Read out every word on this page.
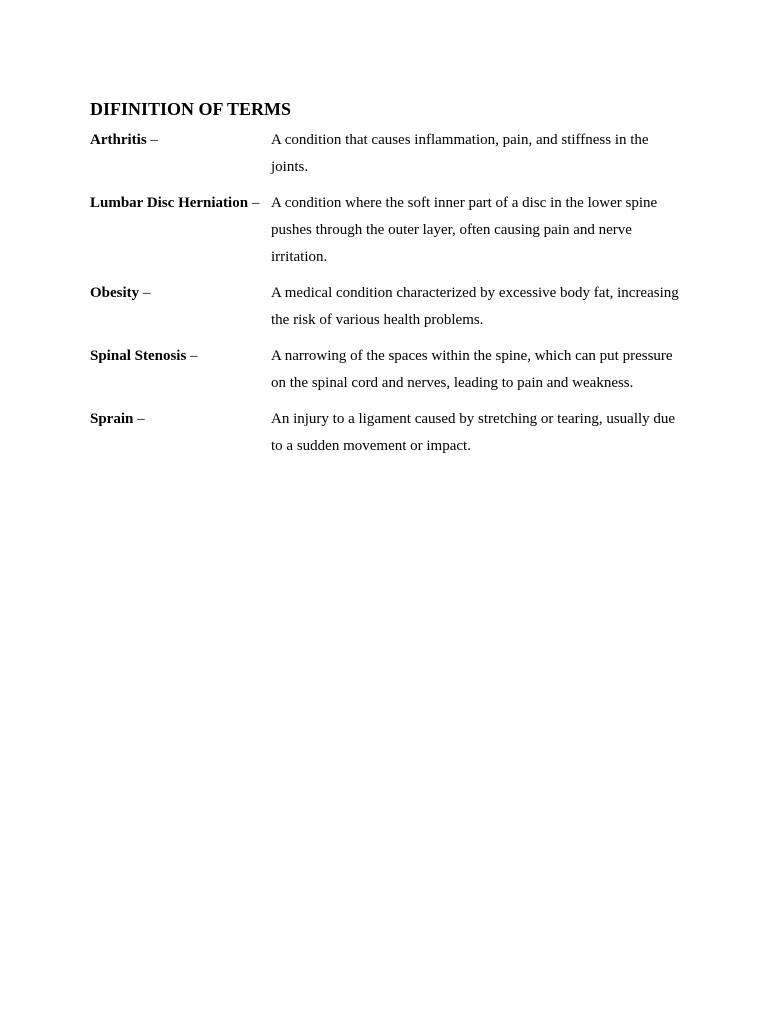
DIFINITION OF TERMS
Arthritis –	A condition that causes inflammation, pain, and stiffness in the joints.
Lumbar Disc Herniation – A condition where the soft inner part of a disc in the lower spine pushes through the outer layer, often causing pain and nerve irritation.
Obesity –	A medical condition characterized by excessive body fat, increasing the risk of various health problems.
Spinal Stenosis –	A narrowing of the spaces within the spine, which can put pressure on the spinal cord and nerves, leading to pain and weakness.
Sprain –	An injury to a ligament caused by stretching or tearing, usually due to a sudden movement or impact.
